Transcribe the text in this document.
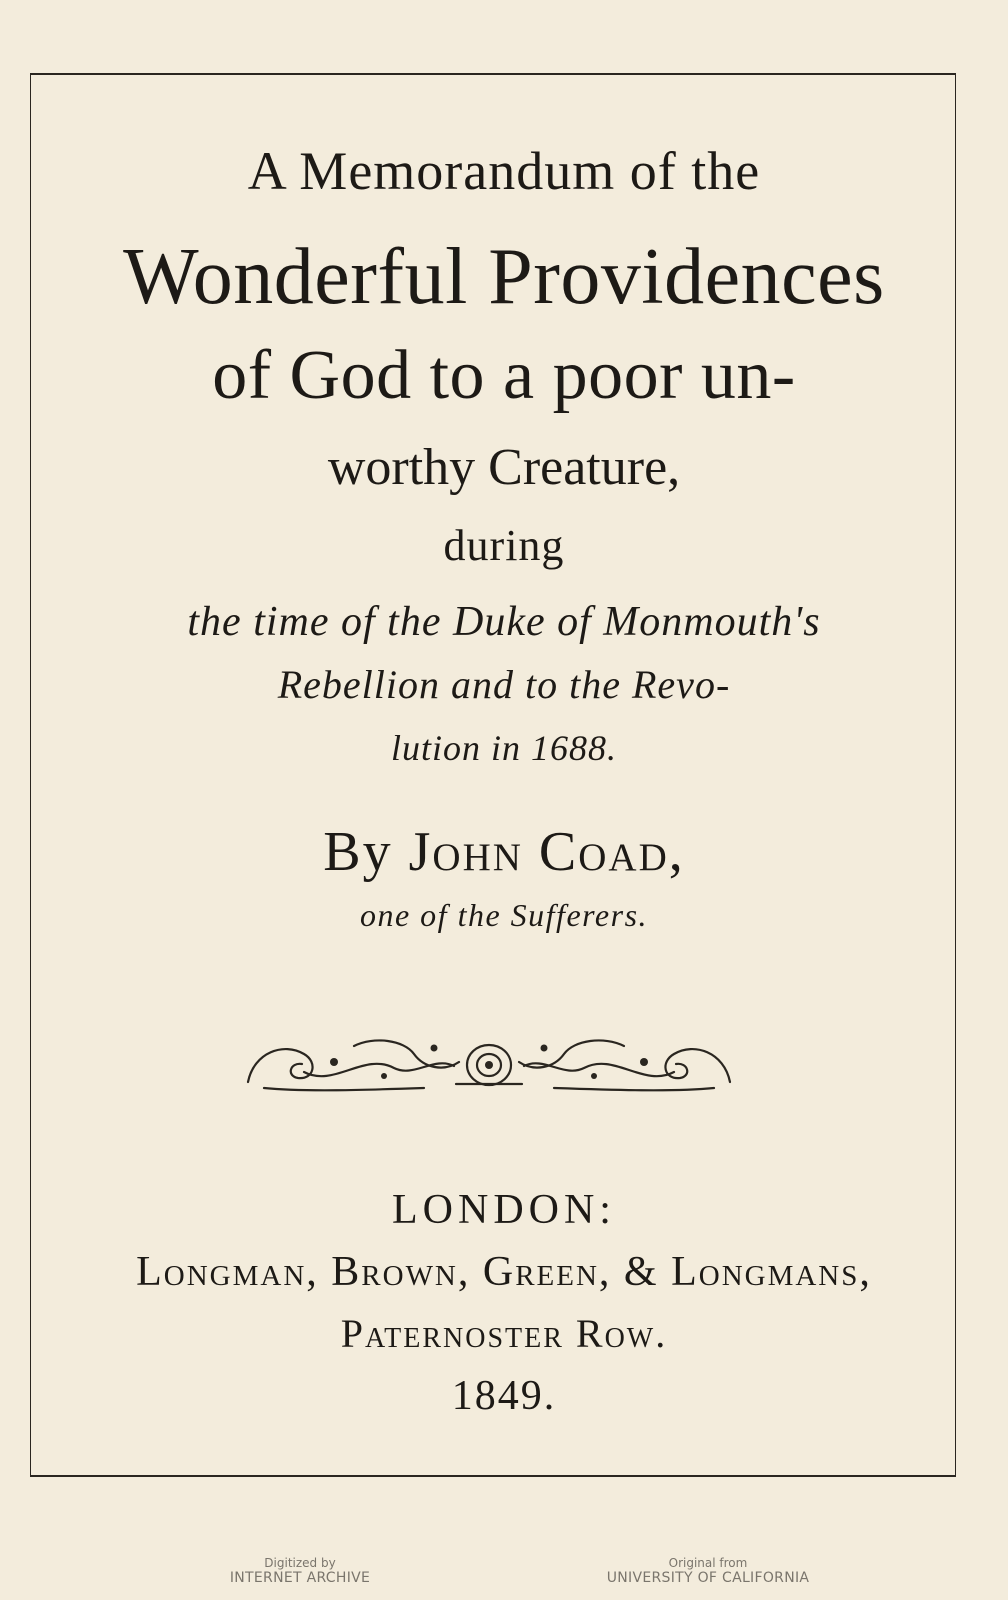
A Memorandum of the
Wonderful Providences
of God to a poor un-
worthy Creature,
during
the time of the Duke of Monmouth's
Rebellion and to the Revo-
lution in 1688.
By John Coad,
one of the Sufferers.
LONDON:
Longman, Brown, Green, & Longmans,
Paternoster Row.
1849.
Digitized by
INTERNET ARCHIVE
Original from
UNIVERSITY OF CALIFORNIA
